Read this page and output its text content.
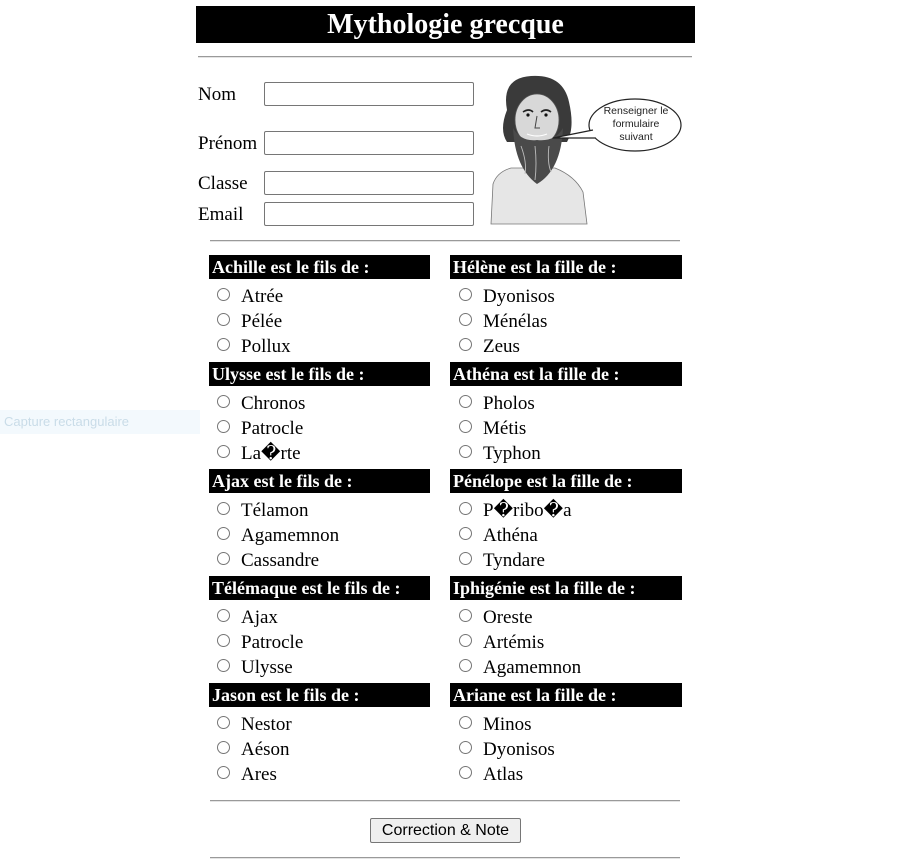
Capture rectangulaire
Mythologie grecque
Nom
Prénom
Classe
Email
Renseigner le
formulaire
suivant
Achille est le fils de :
Atrée
Pélée
Pollux
Hélène est la fille de :
Dyonisos
Ménélas
Zeus
Ulysse est le fils de :
Chronos
Patrocle
La�rte
Athéna est la fille de :
Pholos
Métis
Typhon
Ajax est le fils de :
Télamon
Agamemnon
Cassandre
Pénélope est la fille de :
P�ribo�a
Athéna
Tyndare
Télémaque est le fils de :
Ajax
Patrocle
Ulysse
Iphigénie est la fille de :
Oreste
Artémis
Agamemnon
Jason est le fils de :
Nestor
Aéson
Ares
Ariane est la fille de :
Minos
Dyonisos
Atlas
Correction & Note
